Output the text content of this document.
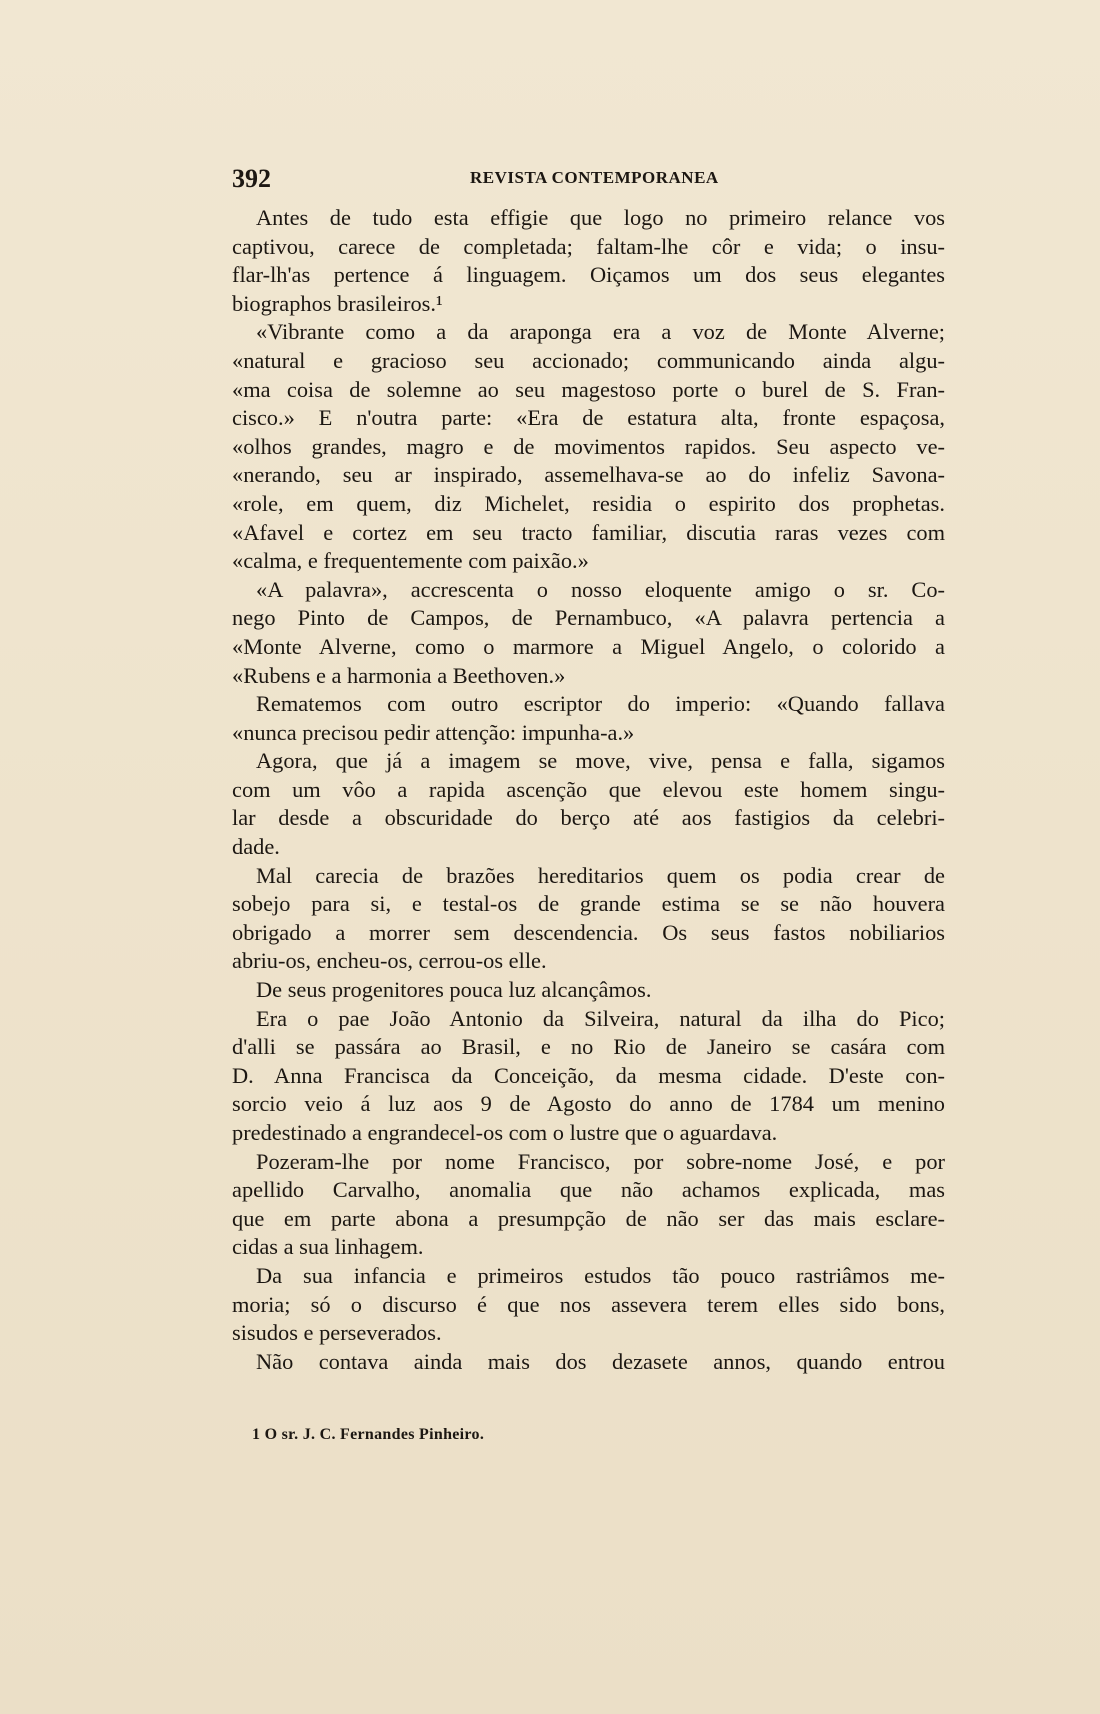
392	REVISTA CONTEMPORANEA
Antes de tudo esta effigie que logo no primeiro relance vos
captivou, carece de completada; faltam-lhe côr e vida; o insu-
flar-lh'as pertence á linguagem. Oiçamos um dos seus elegantes
biographos brasileiros.¹
«Vibrante como a da araponga era a voz de Monte Alverne;
«natural e gracioso seu accionado; communicando ainda algu-
«ma coisa de solemne ao seu magestoso porte o burel de S. Fran-
cisco.» E n'outra parte: «Era de estatura alta, fronte espaçosa,
«olhos grandes, magro e de movimentos rapidos. Seu aspecto ve-
«nerando, seu ar inspirado, assemelhava-se ao do infeliz Savona-
«role, em quem, diz Michelet, residia o espirito dos prophetas.
«Afavel e cortez em seu tracto familiar, discutia raras vezes com
«calma, e frequentemente com paixão.»
«A palavra», accrescenta o nosso eloquente amigo o sr. Co-
nego Pinto de Campos, de Pernambuco, «A palavra pertencia a
«Monte Alverne, como o marmore a Miguel Angelo, o colorido a
«Rubens e a harmonia a Beethoven.»
Rematemos com outro escriptor do imperio: «Quando fallava
«nunca precisou pedir attenção: impunha-a.»
Agora, que já a imagem se move, vive, pensa e falla, sigamos
com um vôo a rapida ascenção que elevou este homem singu-
lar desde a obscuridade do berço até aos fastigios da celebri-
dade.
Mal carecia de brazões hereditarios quem os podia crear de
sobejo para si, e testal-os de grande estima se se não houvera
obrigado a morrer sem descendencia. Os seus fastos nobiliarios
abriu-os, encheu-os, cerrou-os elle.
De seus progenitores pouca luz alcançâmos.
Era o pae João Antonio da Silveira, natural da ilha do Pico;
d'alli se passára ao Brasil, e no Rio de Janeiro se casára com
D. Anna Francisca da Conceição, da mesma cidade. D'este con-
sorcio veio á luz aos 9 de Agosto do anno de 1784 um menino
predestinado a engrandecel-os com o lustre que o aguardava.
Pozeram-lhe por nome Francisco, por sobre-nome José, e por
apellido Carvalho, anomalia que não achamos explicada, mas
que em parte abona a presumpção de não ser das mais esclare-
cidas a sua linhagem.
Da sua infancia e primeiros estudos tão pouco rastriâmos me-
moria; só o discurso é que nos assevera terem elles sido bons,
sisudos e perseverados.
Não contava ainda mais dos dezasete annos, quando entrou
1 O sr. J. C. Fernandes Pinheiro.
